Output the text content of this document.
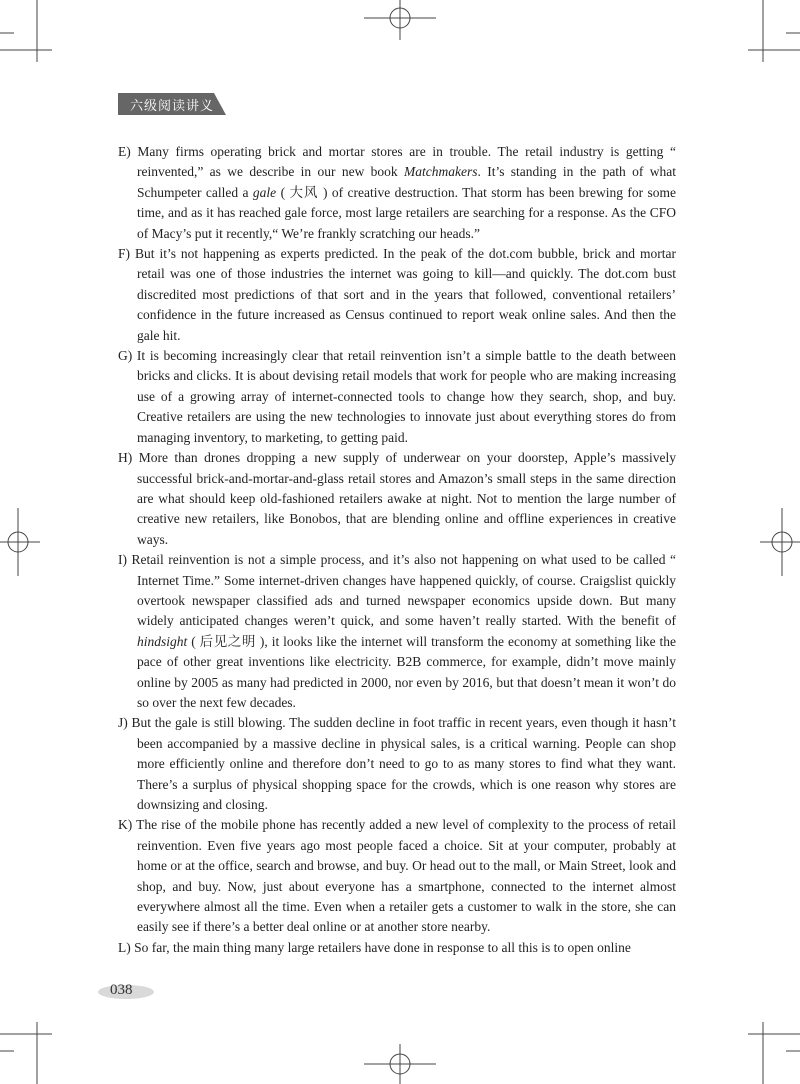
六级阅读讲义

E) Many firms operating brick and mortar stores are in trouble. The retail industry is getting “ reinvented,” as we describe in our new book Matchmakers. It’s standing in the path of what Schumpeter called a gale ( 大风 ) of creative destruction. That storm has been brewing for some time, and as it has reached gale force, most large retailers are searching for a response. As the CFO of Macy’s put it recently,“ We’re frankly scratching our heads.”

F) But it’s not happening as experts predicted. In the peak of the dot.com bubble, brick and mortar retail was one of those industries the internet was going to kill—and quickly. The dot.com bust discredited most predictions of that sort and in the years that followed, conventional retailers’ confidence in the future increased as Census continued to report weak online sales. And then the gale hit.

G) It is becoming increasingly clear that retail reinvention isn’t a simple battle to the death between bricks and clicks. It is about devising retail models that work for people who are making increasing use of a growing array of internet-connected tools to change how they search, shop, and buy. Creative retailers are using the new technologies to innovate just about everything stores do from managing inventory, to marketing, to getting paid.

H) More than drones dropping a new supply of underwear on your doorstep, Apple’s massively successful brick-and-mortar-and-glass retail stores and Amazon’s small steps in the same direction are what should keep old-fashioned retailers awake at night. Not to mention the large number of creative new retailers, like Bonobos, that are blending online and offline experiences in creative ways.

I) Retail reinvention is not a simple process, and it’s also not happening on what used to be called “ Internet Time.” Some internet-driven changes have happened quickly, of course. Craigslist quickly overtook newspaper classified ads and turned newspaper economics upside down. But many widely anticipated changes weren’t quick, and some haven’t really started. With the benefit of hindsight ( 后见之明 ), it looks like the internet will transform the economy at something like the pace of other great inventions like electricity. B2B commerce, for example, didn’t move mainly online by 2005 as many had predicted in 2000, nor even by 2016, but that doesn’t mean it won’t do so over the next few decades.

J) But the gale is still blowing. The sudden decline in foot traffic in recent years, even though it hasn’t been accompanied by a massive decline in physical sales, is a critical warning. People can shop more efficiently online and therefore don’t need to go to as many stores to find what they want. There’s a surplus of physical shopping space for the crowds, which is one reason why stores are downsizing and closing.

K) The rise of the mobile phone has recently added a new level of complexity to the process of retail reinvention. Even five years ago most people faced a choice. Sit at your computer, probably at home or at the office, search and browse, and buy. Or head out to the mall, or Main Street, look and shop, and buy. Now, just about everyone has a smartphone, connected to the internet almost everywhere almost all the time. Even when a retailer gets a customer to walk in the store, she can easily see if there’s a better deal online or at another store nearby.

L) So far, the main thing many large retailers have done in response to all this is to open online

038
